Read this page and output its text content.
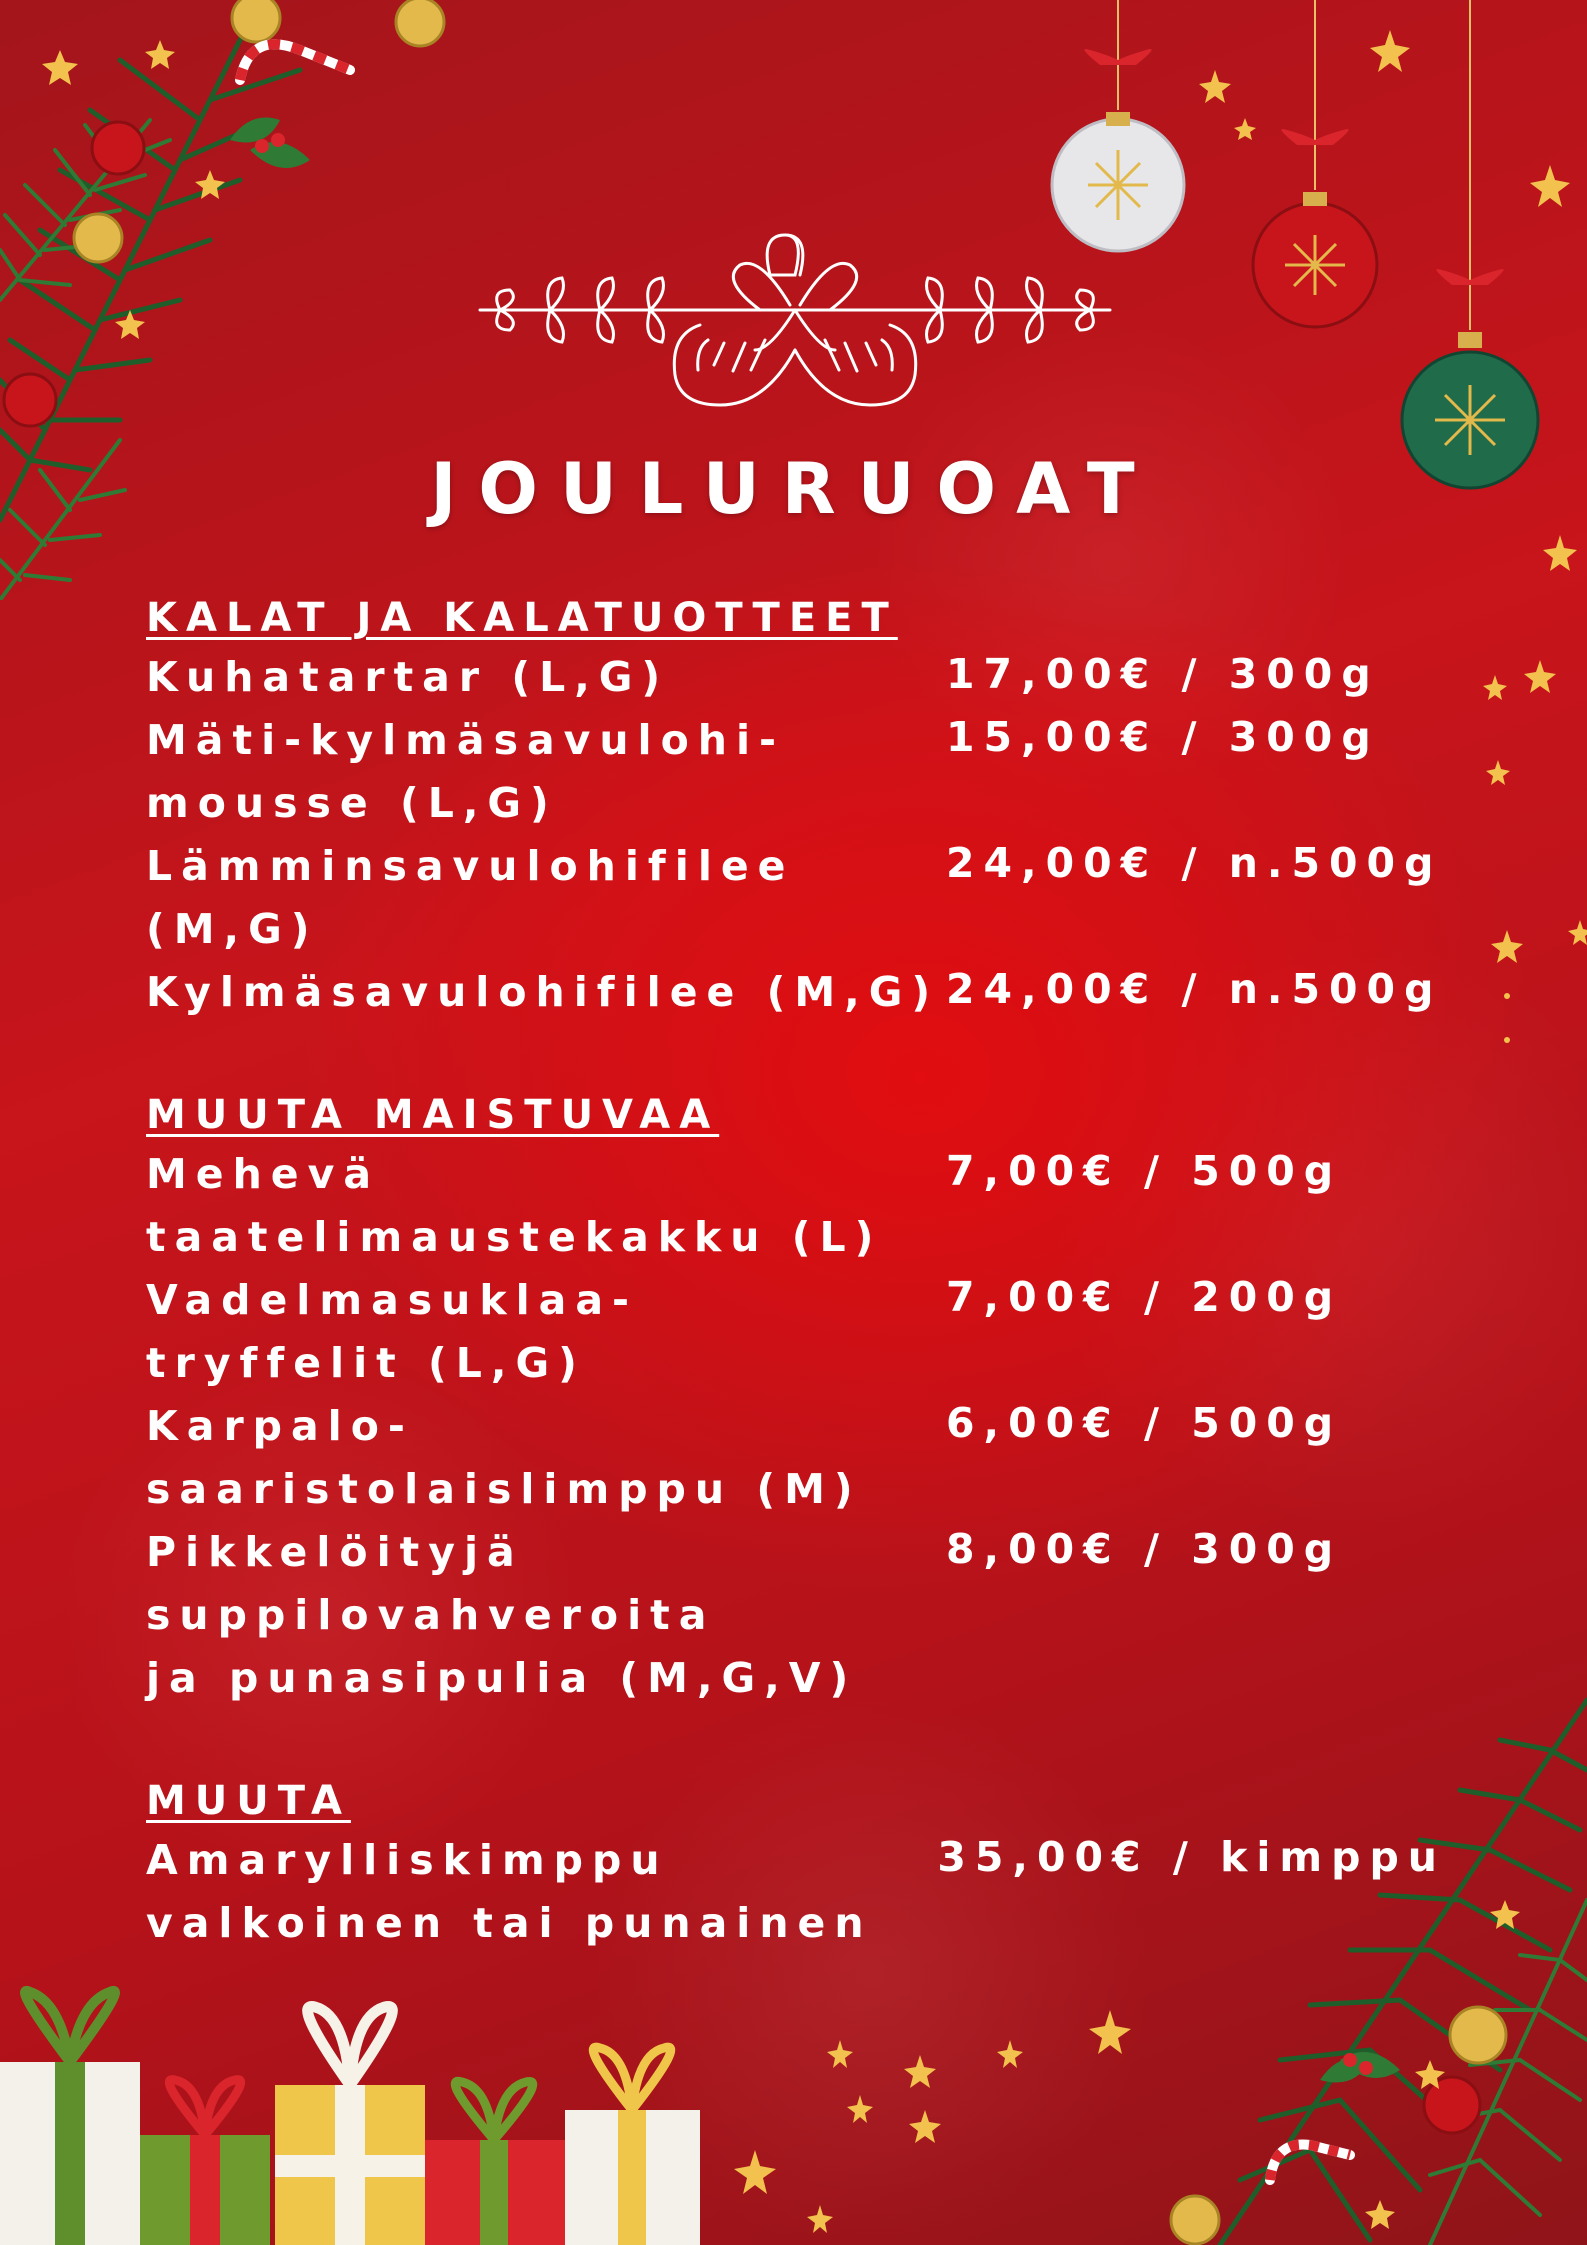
JOULURUOAT
KALAT JA KALATUOTTEET
Kuhatartar (L,G)	17,00€ / 300g
Mäti-kylmäsavulohi-
mousse (L,G)
15,00€ / 300g
Lämminsavulohifilee (M,G)
24,00€ / n.500g
Kylmäsavulohifilee (M,G) 24,00€ / n.500g
MUUTA MAISTUVAA
Mehevä
taatelimaustekakku (L)
7,00€ / 500g
Vadelmasuklaa-
tryffelit (L,G)
7,00€ / 200g
Karpalo-
saaristolaislimppu (M)
6,00€ / 500g
Pikkelöityjä
suppilovahveroita
ja punasipulia (M,G,V)
8,00€ / 300g
MUUTA
Amarylliskimppu
valkoinen tai punainen
35,00€ / kimppu
